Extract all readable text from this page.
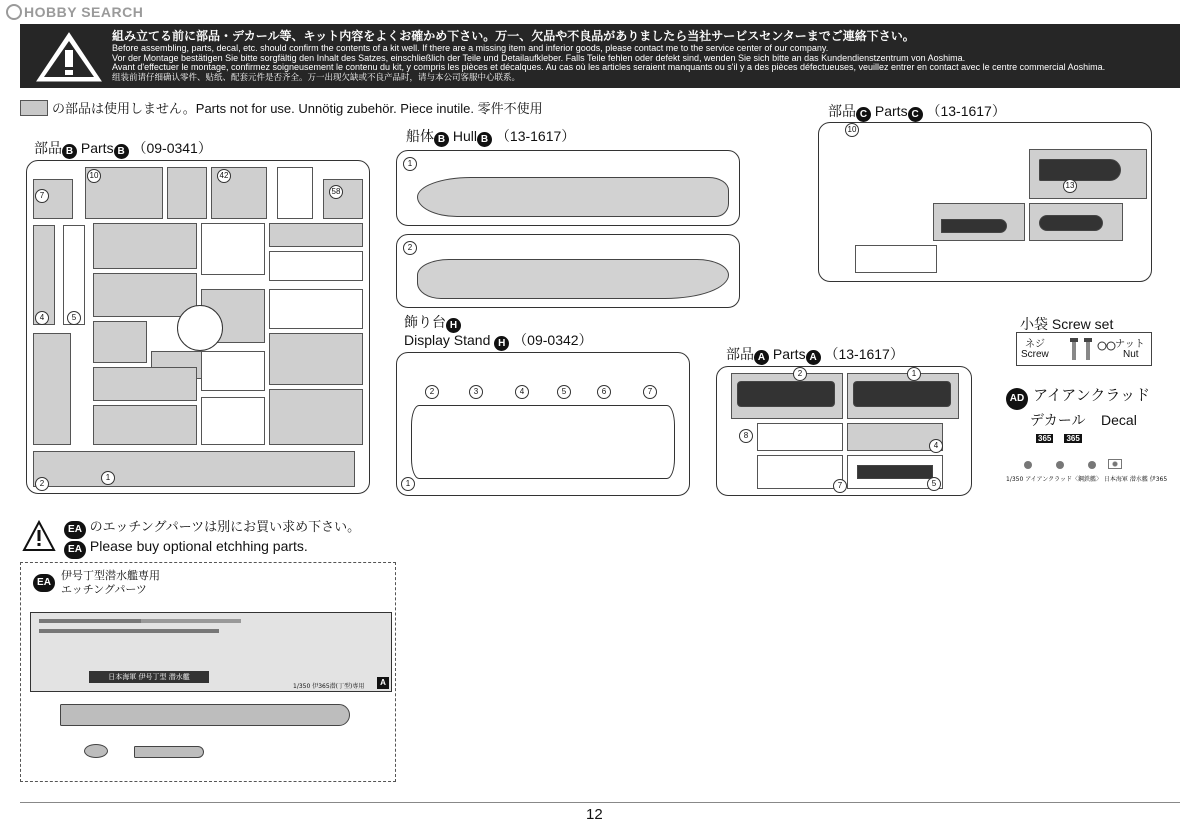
HOBBY SEARCH
組み立てる前に部品・デカール等、キット内容をよくお確かめ下さい。万一、欠品や不良品がありましたら当社サービスセンターまでご連絡下さい。
Before assembling, parts, decal, etc. should confirm the contents of a kit well. If there are a missing item and inferior goods, please contact me to the service center of our company.
Vor der Montage bestätigen Sie bitte sorgfältig den Inhalt des Satzes, einschließlich der Teile und Detailaufkleber. Falls Teile fehlen oder defekt sind, wenden Sie sich bitte an das Kundendienstzentrum von Aoshima.
Avant d'effectuer le montage, confirmez soigneusement le contenu du kit, y compris les pièces et décalques. Au cas où les articles seraient manquants ou s'il y a des pièces défectueuses, veuillez entrer en contact avec le centre commercial Aoshima.
组装前请仔细确认零件、贴纸、配套元件是否齐全。万一出现欠缺或不良产品时，请与本公司客服中心联系。
の部品は使用しません。Parts not for use. Unnötig zubehör. Piece inutile. 零件不使用
部品 B Parts B （09-0341）
7
10	42
58
4	5
2
1
船体 B Hull B （13-1617）
1
2
部品 C Parts C （13-1617）
10
13
飾り台 H
Display Stand H （09-0342）
2	3	4	5	6	7
1
部品 A Parts A （13-1617）
2	1
4
5
7
8
小袋 Screw set
ネジ
Screw
ナット
Nut
AD アイアンクラッド
デカール Decal
365 365
1/350 アイアンクラッド〈鋼鉄艦〉 日本海軍 潜水艦 伊365
EA のエッチングパーツは別にお買い求め下さい。
EA Please buy optional etchhing parts.
EA
伊号丁型潜水艦専用
エッチングパーツ
日本海軍 伊号丁型 潜水艦
1/350 伊365潜(丁型)専用	A
12
